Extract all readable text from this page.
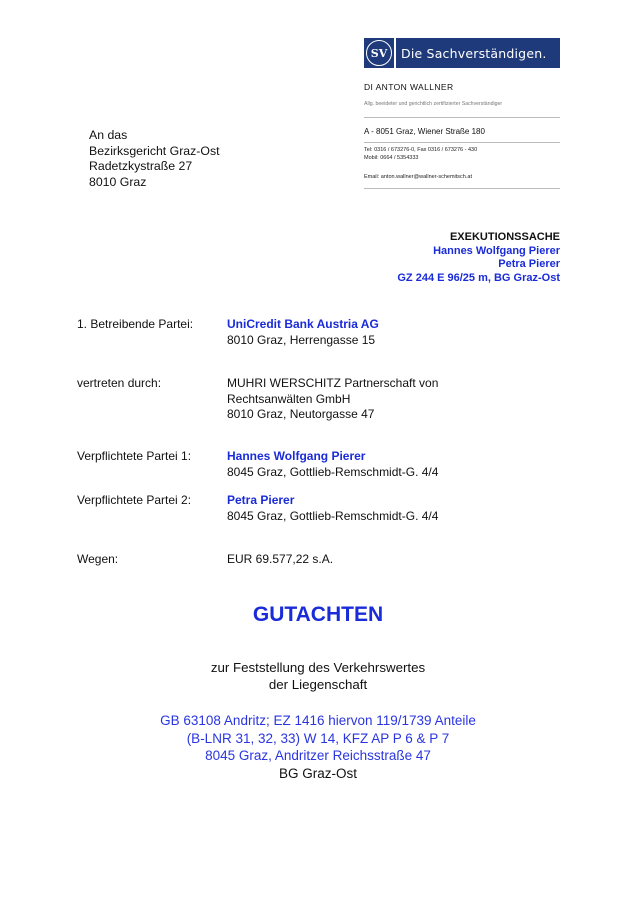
SV	Die Sachverständigen.
DI ANTON WALLNER
Allg. beeideter und gerichtlich zertifizierter Sachverständiger
A - 8051 Graz, Wiener Straße 180
Tel: 0316 / 673276-0, Fax 0316 / 673276 - 430
Mobil: 0664 / 5354333
Email: anton.wallner@wallner-schemitsch.at
An das
Bezirksgericht Graz-Ost
Radetzkystraße 27
8010 Graz
EXEKUTIONSSACHE
Hannes Wolfgang Pierer
Petra Pierer
GZ 244 E 96/25 m, BG Graz-Ost
1. Betreibende Partei:	UniCredit Bank Austria AG
8010 Graz, Herrengasse 15
vertreten durch:	MUHRI WERSCHITZ Partnerschaft von
Rechtsanwälten GmbH
8010 Graz, Neutorgasse 47
Verpflichtete Partei 1:	Hannes Wolfgang Pierer
8045 Graz, Gottlieb-Remschmidt-G. 4/4
Verpflichtete Partei 2:	Petra Pierer
8045 Graz, Gottlieb-Remschmidt-G. 4/4
Wegen:	EUR 69.577,22 s.A.
GUTACHTEN
zur Feststellung des Verkehrswertes
der Liegenschaft
GB 63108 Andritz; EZ 1416 hiervon 119/1739 Anteile
(B-LNR 31, 32, 33) W 14, KFZ AP P 6 & P 7
8045 Graz, Andritzer Reichsstraße 47
BG Graz-Ost
